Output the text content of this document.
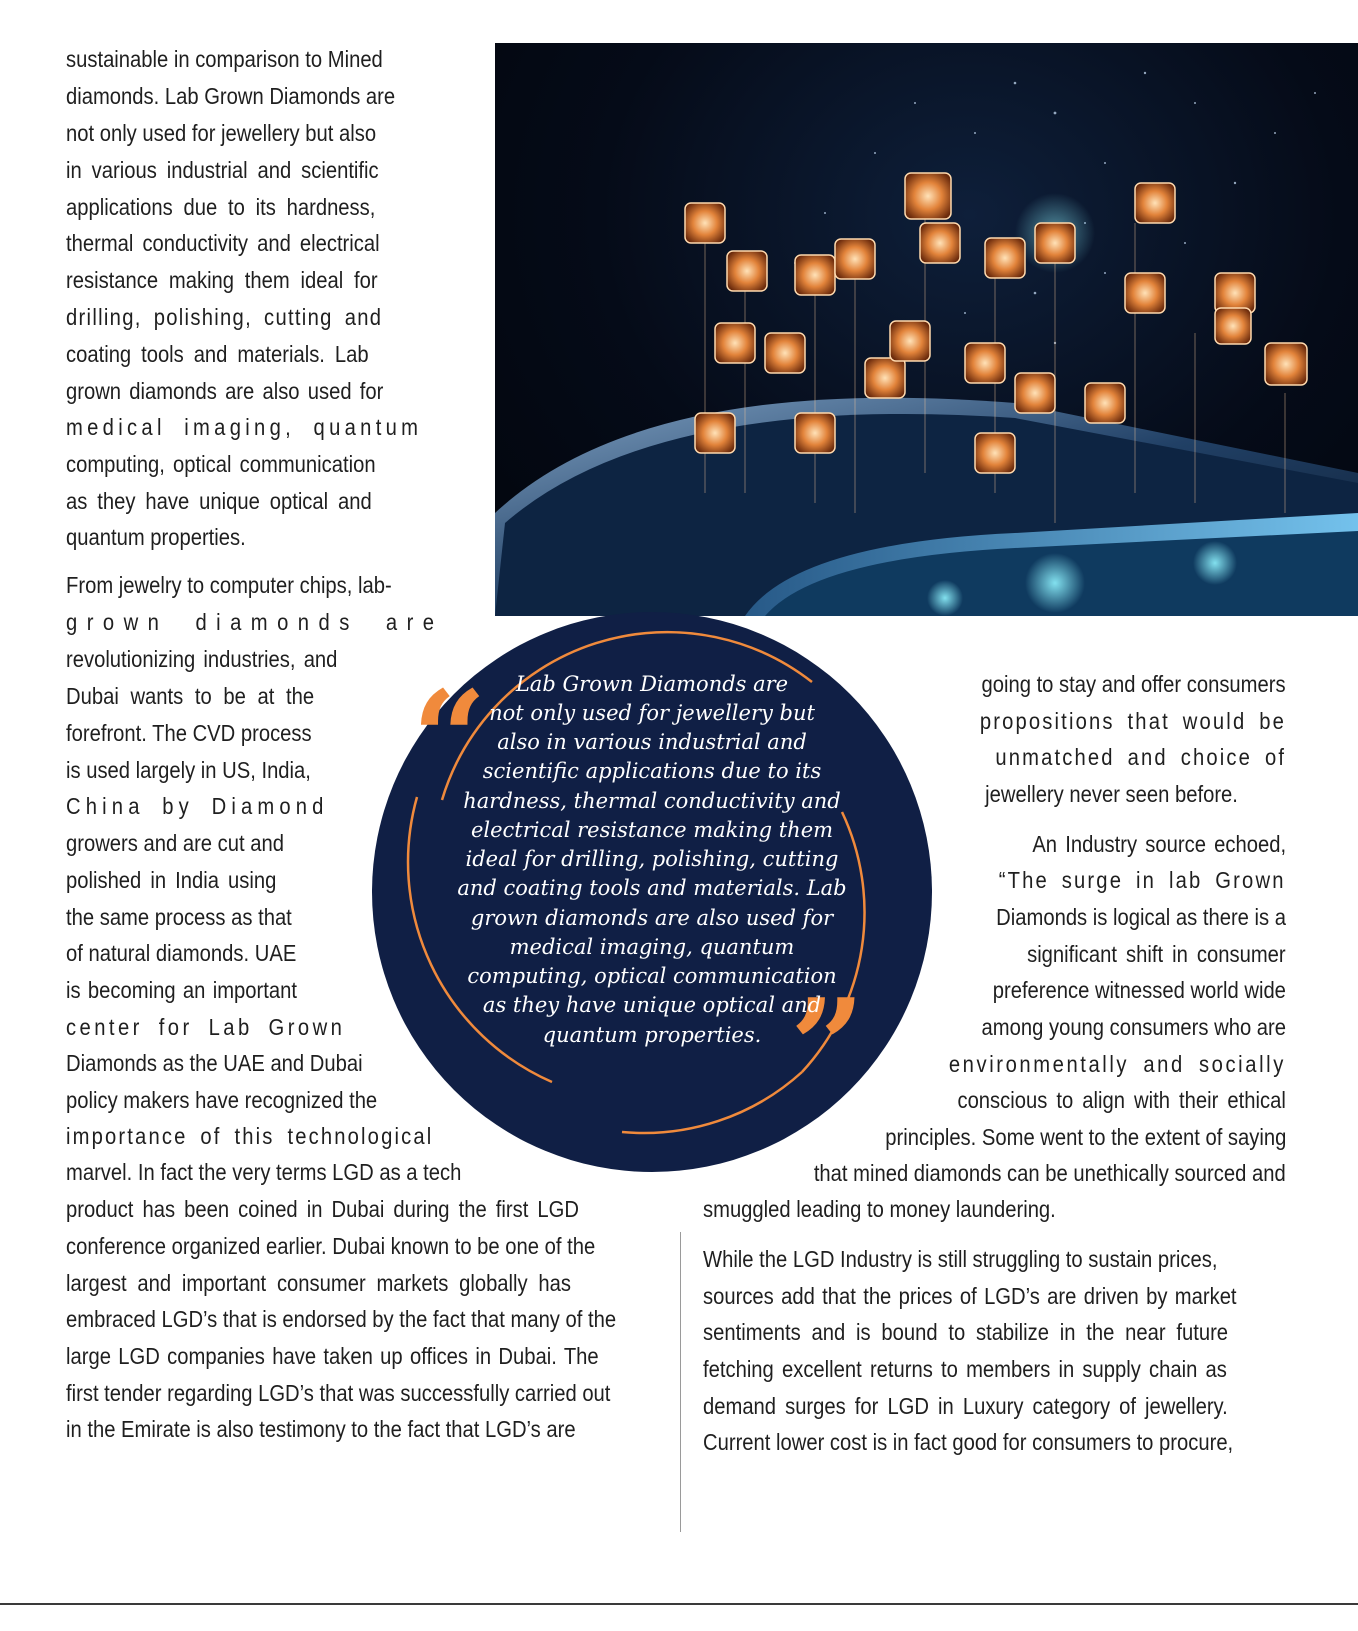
sustainable in comparison to Mined
diamonds. Lab Grown Diamonds are
not only used for jewellery but also
in various industrial and scientific
applications due to its hardness,
thermal conductivity and electrical
resistance making them ideal for
drilling, polishing, cutting and
coating tools and materials. Lab
grown diamonds are also used for
medical imaging, quantum
computing, optical communication
as they have unique optical and
quantum properties.
From jewelry to computer chips, lab-
grown diamonds are
revolutionizing industries, and
Dubai wants to be at the
forefront. The CVD process
is used largely in US, India,
China by Diamond
growers and are cut and
polished in India using
the same process as that
of natural diamonds. UAE
is becoming an important
center for Lab Grown
Diamonds as the UAE and Dubai
policy makers have recognized the
importance of this technological
marvel. In fact the very terms LGD as a tech
product has been coined in Dubai during the first LGD
conference organized earlier. Dubai known to be one of the
largest and important consumer markets globally has
embraced LGD’s that is endorsed by the fact that many of the
large LGD companies have taken up offices in Dubai. The
first tender regarding LGD’s that was successfully carried out
in the Emirate is also testimony to the fact that LGD’s are
going to stay and offer consumers
propositions that would be
unmatched and choice of
jewellery never seen before.
An Industry source echoed,
“The surge in lab Grown
Diamonds is logical as there is a
significant shift in consumer
preference witnessed world wide
among young consumers who are
environmentally and socially
conscious to align with their ethical
principles. Some went to the extent of saying
that mined diamonds can be unethically sourced and
smuggled leading to money laundering.
While the LGD Industry is still struggling to sustain prices,
sources add that the prices of LGD’s are driven by market
sentiments and is bound to stabilize in the near future
fetching excellent returns to members in supply chain as
demand surges for LGD in Luxury category of jewellery.
Current lower cost is in fact good for consumers to procure,
“
”
Lab Grown Diamonds are
not only used for jewellery but
also in various industrial and
scientific applications due to its
hardness, thermal conductivity and
electrical resistance making them
ideal for drilling, polishing, cutting
and coating tools and materials. Lab
grown diamonds are also used for
medical imaging, quantum
computing, optical communication
as they have unique optical and
quantum properties.
